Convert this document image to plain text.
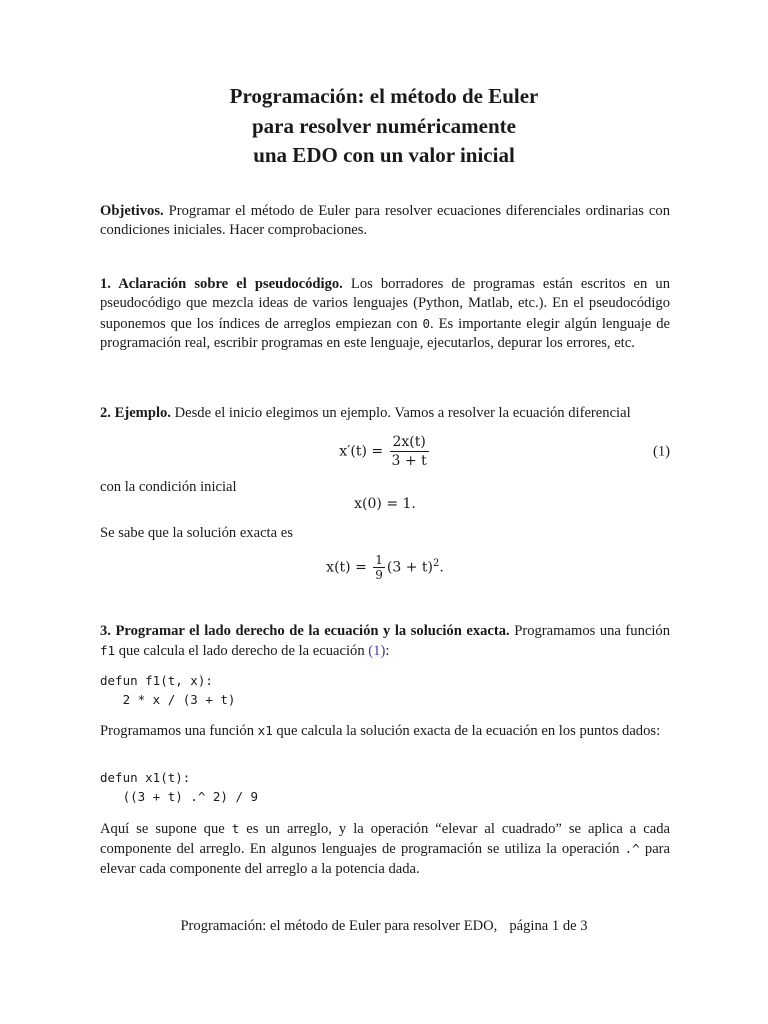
Programación: el método de Euler
para resolver numéricamente
una EDO con un valor inicial

Objetivos. Programar el método de Euler para resolver ecuaciones diferenciales ordinarias con condiciones iniciales. Hacer comprobaciones.

1. Aclaración sobre el pseudocódigo. Los borradores de programas están escritos en un pseudocódigo que mezcla ideas de varios lenguajes (Python, Matlab, etc.). En el pseudocódigo suponemos que los índices de arreglos empiezan con 0. Es importante elegir algún lenguaje de programación real, escribir programas en este lenguaje, ejecutarlos, depurar los errores, etc.

2. Ejemplo. Desde el inicio elegimos un ejemplo. Vamos a resolver la ecuación diferencial

$x'(t) = \frac{2x(t)}{3 + t}$	(1)

con la condición inicial

x(0) = 1.

Se sabe que la solución exacta es

$x(t) = \frac{1}{9} (3 + t)^2$.

3. Programar el lado derecho de la ecuación y la solución exacta. Programamos una función f1 que calcula el lado derecho de la ecuación (1):

defun f1(t, x):
2 * x / (3 + t)

Programamos una función x1 que calcula la solución exacta de la ecuación en los puntos dados:

defun x1(t):
((3 + t) .^ 2) / 9

Aquí se supone que t es un arreglo, y la operación “elevar al cuadrado” se aplica a cada componente del arreglo. En algunos lenguajes de programación se utiliza la operación .^ para elevar cada componente del arreglo a la potencia dada.

Programación: el método de Euler para resolver EDO, página 1 de 3
